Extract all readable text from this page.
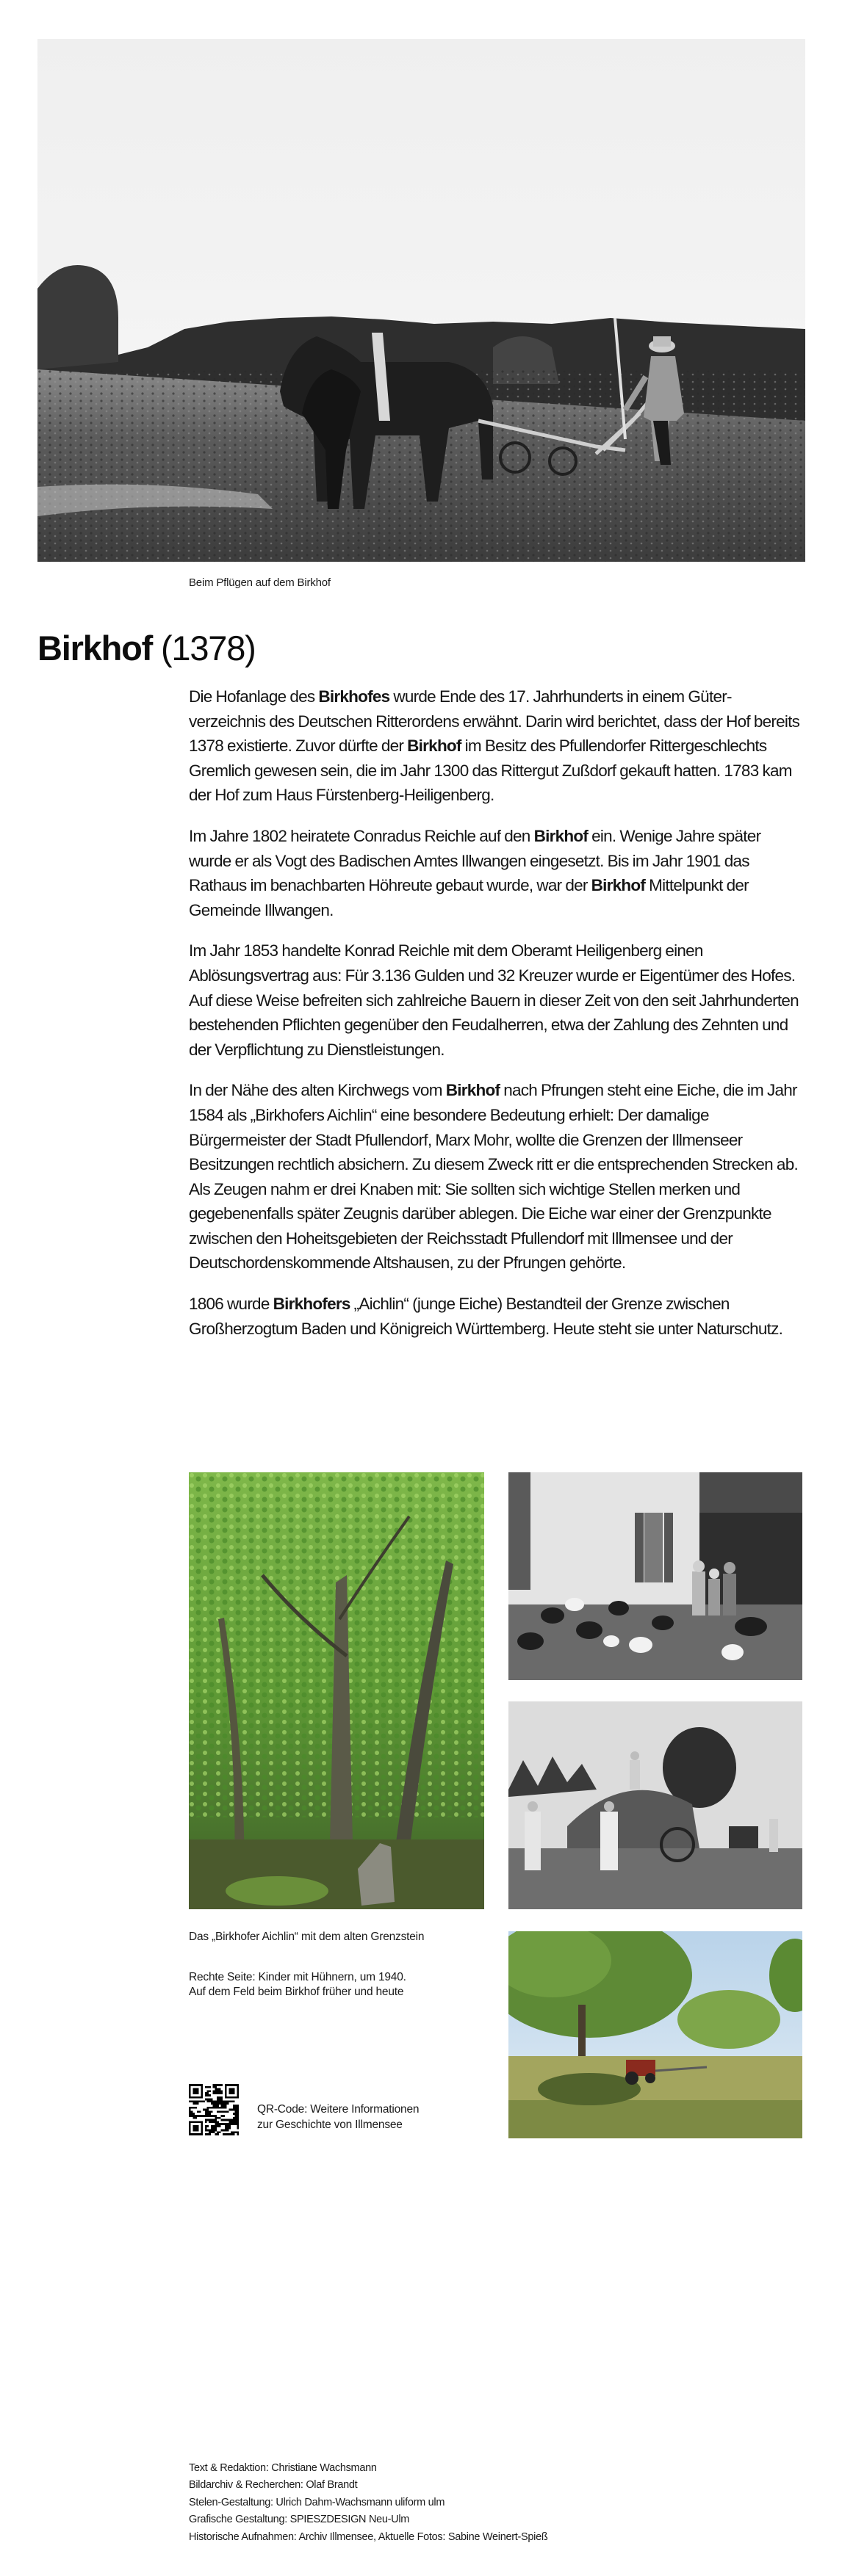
Beim Pflügen auf dem Birkhof
Birkhof (1378)

Die Hofanlage des Birkhofes wurde Ende des 17. Jahrhunderts in einem Güter-verzeichnis des Deutschen Ritterordens erwähnt. Darin wird berichtet, dass der Hof bereits 1378 existierte. Zuvor dürfte der Birkhof im Besitz des Pfullendorfer Rittergeschlechts Gremlich gewesen sein, die im Jahr 1300 das Rittergut Zußdorf gekauft hatten. 1783 kam der Hof zum Haus Fürstenberg-Heiligenberg.

Im Jahre 1802 heiratete Conradus Reichle auf den Birkhof ein. Wenige Jahre später wurde er als Vogt des Badischen Amtes Illwangen eingesetzt. Bis im Jahr 1901 das Rathaus im benachbarten Höhreute gebaut wurde, war der Birkhof Mittelpunkt der Gemeinde Illwangen.

Im Jahr 1853 handelte Konrad Reichle mit dem Oberamt Heiligenberg einen Ablösungsvertrag aus: Für 3.136 Gulden und 32 Kreuzer wurde er Eigentümer des Hofes. Auf diese Weise befreiten sich zahlreiche Bauern in dieser Zeit von den seit Jahrhunderten bestehenden Pflichten gegenüber den Feudalherren, etwa der Zahlung des Zehnten und der Verpflichtung zu Dienstleistungen.

In der Nähe des alten Kirchwegs vom Birkhof nach Pfrungen steht eine Eiche, die im Jahr 1584 als „Birkhofers Aichlin“ eine besondere Bedeutung erhielt: Der damalige Bürgermeister der Stadt Pfullendorf, Marx Mohr, wollte die Grenzen der Illmenseer Besitzungen rechtlich absichern. Zu diesem Zweck ritt er die entsprechenden Strecken ab. Als Zeugen nahm er drei Knaben mit: Sie sollten sich wichtige Stellen merken und gegebenenfalls später Zeugnis darüber ablegen. Die Eiche war einer der Grenzpunkte zwischen den Hoheitsgebieten der Reichsstadt Pfullendorf mit Illmensee und der Deutschordenskommende Altshausen, zu der Pfrungen gehörte.

1806 wurde Birkhofers „Aichlin“ (junge Eiche) Bestandteil der Grenze zwischen Großherzogtum Baden und Königreich Württemberg. Heute steht sie unter Naturschutz.

Das „Birkhofer Aichlin“ mit dem alten Grenzstein
Rechte Seite: Kinder mit Hühnern, um 1940.
Auf dem Feld beim Birkhof früher und heute
QR-Code: Weitere Informationen
zur Geschichte von Illmensee
Text & Redaktion: Christiane Wachsmann
Bildarchiv & Recherchen: Olaf Brandt
Stelen-Gestaltung: Ulrich Dahm-Wachsmann uliform ulm
Grafische Gestaltung: SPIESZDESIGN Neu-Ulm
Historische Aufnahmen: Archiv Illmensee, Aktuelle Fotos: Sabine Weinert-Spieß
